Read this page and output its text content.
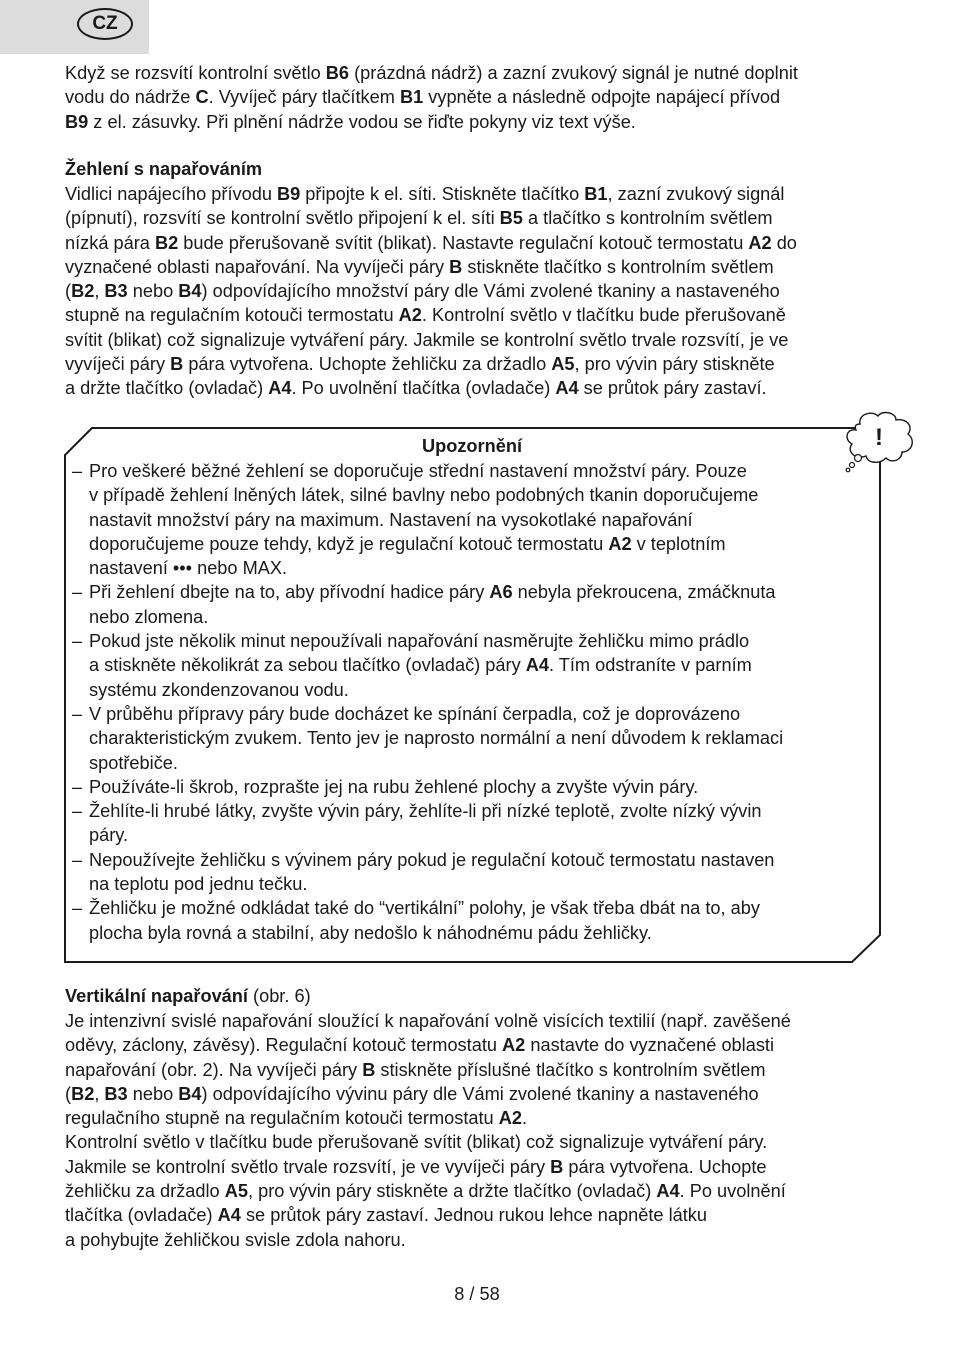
CZ

Když se rozsvítí kontrolní světlo B6 (prázdná nádrž) a zazní zvukový signál je nutné doplnit
vodu do nádrže C. Vyvíječ páry tlačítkem B1 vypněte a následně odpojte napájecí přívod
B9 z el. zásuvky. Při plnění nádrže vodou se řiďte pokyny viz text výše.

Žehlení s napařováním

Vidlici napájecího přívodu B9 připojte k el. síti. Stiskněte tlačítko B1, zazní zvukový signál
(pípnutí), rozsvítí se kontrolní světlo připojení k el. síti B5 a tlačítko s kontrolním světlem
nízká pára B2 bude přerušovaně svítit (blikat). Nastavte regulační kotouč termostatu A2 do
vyznačené oblasti napařování. Na vyvíječi páry B stiskněte tlačítko s kontrolním světlem
(B2, B3 nebo B4) odpovídajícího množství páry dle Vámi zvolené tkaniny a nastaveného
stupně na regulačním kotouči termostatu A2. Kontrolní světlo v tlačítku bude přerušovaně
svítit (blikat) což signalizuje vytváření páry. Jakmile se kontrolní světlo trvale rozsvítí, je ve
vyvíječi páry B pára vytvořena. Uchopte žehličku za držadlo A5, pro vývin páry stiskněte
a držte tlačítko (ovladač) A4. Po uvolnění tlačítka (ovladače) A4 se průtok páry zastaví.

!

Upozornění

– Pro veškeré běžné žehlení se doporučuje střední nastavení množství páry. Pouze
v případě žehlení lněných látek, silné bavlny nebo podobných tkanin doporučujeme
nastavit množství páry na maximum. Nastavení na vysokotlaké napařování
doporučujeme pouze tehdy, když je regulační kotouč termostatu A2 v teplotním
nastavení ••• nebo MAX.
– Při žehlení dbejte na to, aby přívodní hadice páry A6 nebyla překroucena, zmáčknuta
nebo zlomena.
– Pokud jste několik minut nepoužívali napařování nasměrujte žehličku mimo prádlo
a stiskněte několikrát za sebou tlačítko (ovladač) páry A4. Tím odstraníte v parním
systému zkondenzovanou vodu.
– V průběhu přípravy páry bude docházet ke spínání čerpadla, což je doprovázeno
charakteristickým zvukem. Tento jev je naprosto normální a není důvodem k reklamaci
spotřebiče.
– Používáte-li škrob, rozprašte jej na rubu žehlené plochy a zvyšte vývin páry.
– Žehlíte-li hrubé látky, zvyšte vývin páry, žehlíte-li při nízké teplotě, zvolte nízký vývin
páry.
– Nepoužívejte žehličku s vývinem páry pokud je regulační kotouč termostatu nastaven
na teplotu pod jednu tečku.
– Žehličku je možné odkládat také do “vertikální” polohy, je však třeba dbát na to, aby
plocha byla rovná a stabilní, aby nedošlo k náhodnému pádu žehličky.

Vertikální napařování (obr. 6)

Je intenzivní svislé napařování sloužící k napařování volně visících textilií (např. zavěšené
oděvy, záclony, závěsy). Regulační kotouč termostatu A2 nastavte do vyznačené oblasti
napařování (obr. 2). Na vyvíječi páry B stiskněte příslušné tlačítko s kontrolním světlem
(B2, B3 nebo B4) odpovídajícího vývinu páry dle Vámi zvolené tkaniny a nastaveného
regulačního stupně na regulačním kotouči termostatu A2.
Kontrolní světlo v tlačítku bude přerušovaně svítit (blikat) což signalizuje vytváření páry.
Jakmile se kontrolní světlo trvale rozsvítí, je ve vyvíječi páry B pára vytvořena. Uchopte
žehličku za držadlo A5, pro vývin páry stiskněte a držte tlačítko (ovladač) A4. Po uvolnění
tlačítka (ovladače) A4 se průtok páry zastaví. Jednou rukou lehce napněte látku
a pohybujte žehličkou svisle zdola nahoru.

8 / 58
